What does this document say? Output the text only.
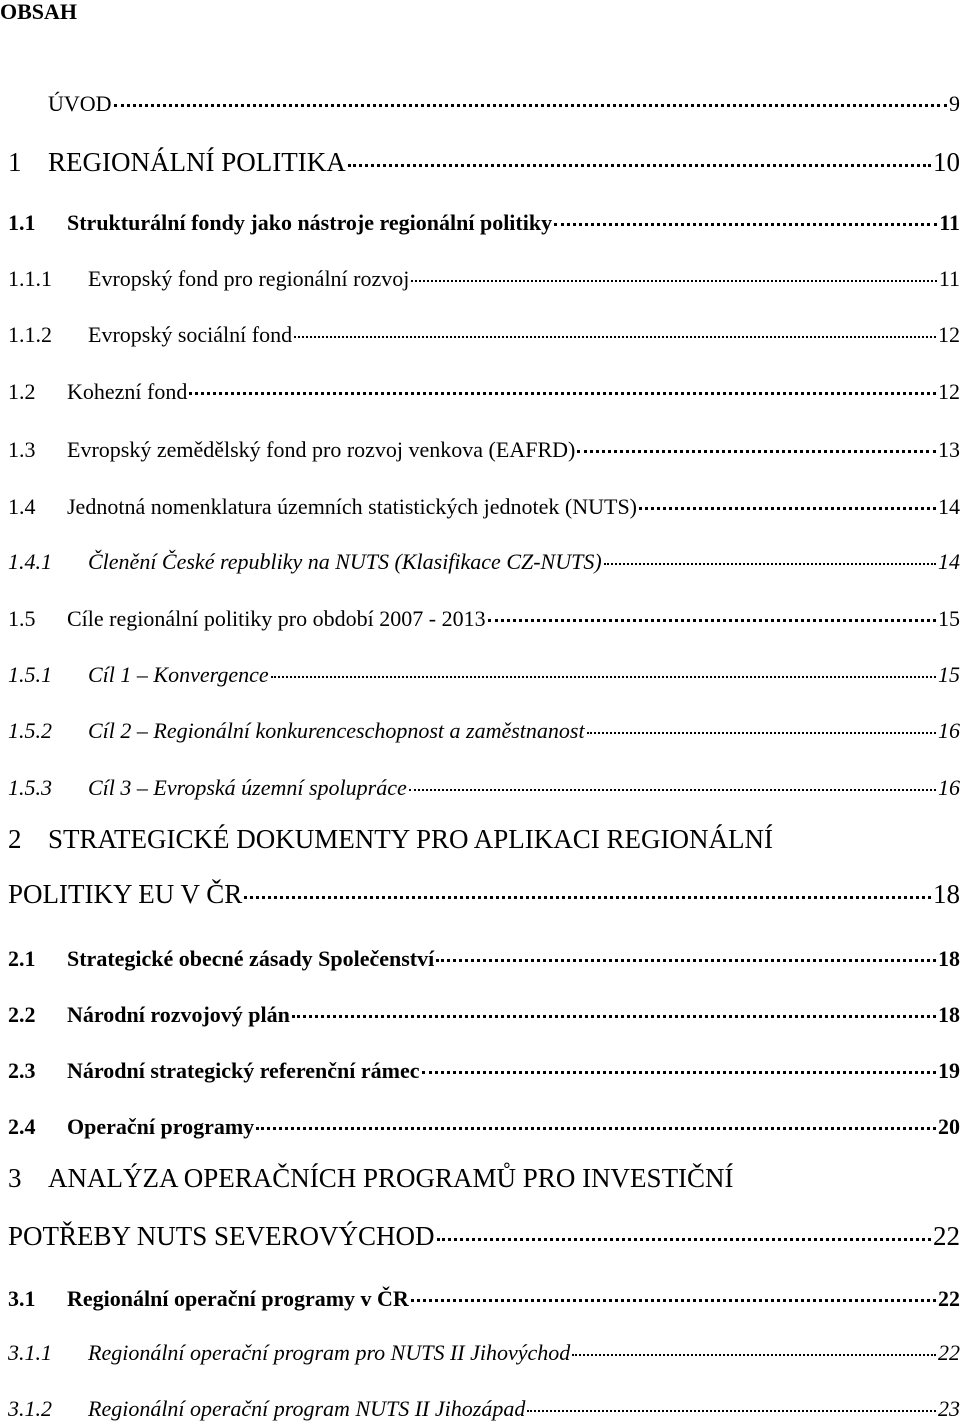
OBSAH
ÚVOD	9
1 REGIONÁLNÍ POLITIKA	10
1.1	Strukturální fondy jako nástroje regionální politiky	11
1.1.1	Evropský fond pro regionální rozvoj	11
1.1.2	Evropský sociální fond	12
1.2	Kohezní fond	12
1.3	Evropský zemědělský fond pro rozvoj venkova (EAFRD)	13
1.4	Jednotná nomenklatura územních statistických jednotek (NUTS)	14
1.4.1	Členění České republiky na NUTS (Klasifikace CZ-NUTS)	14
1.5	Cíle regionální politiky pro období 2007 - 2013	15
1.5.1	Cíl 1 – Konvergence	15
1.5.2	Cíl 2 – Regionální konkurenceschopnost a zaměstnanost	16
1.5.3	Cíl 3 – Evropská územní spolupráce	16
2 STRATEGICKÉ DOKUMENTY PRO APLIKACI REGIONÁLNÍ
POLITIKY EU V ČR	18
2.1	Strategické obecné zásady Společenství	18
2.2	Národní rozvojový plán	18
2.3	Národní strategický referenční rámec	19
2.4	Operační programy	20
3 ANALÝZA OPERAČNÍCH PROGRAMŮ PRO INVESTIČNÍ
POTŘEBY NUTS SEVEROVÝCHOD	22
3.1	Regionální operační programy v ČR	22
3.1.1	Regionální operační program pro NUTS II Jihovýchod	22
3.1.2	Regionální operační program NUTS II Jihozápad	23
